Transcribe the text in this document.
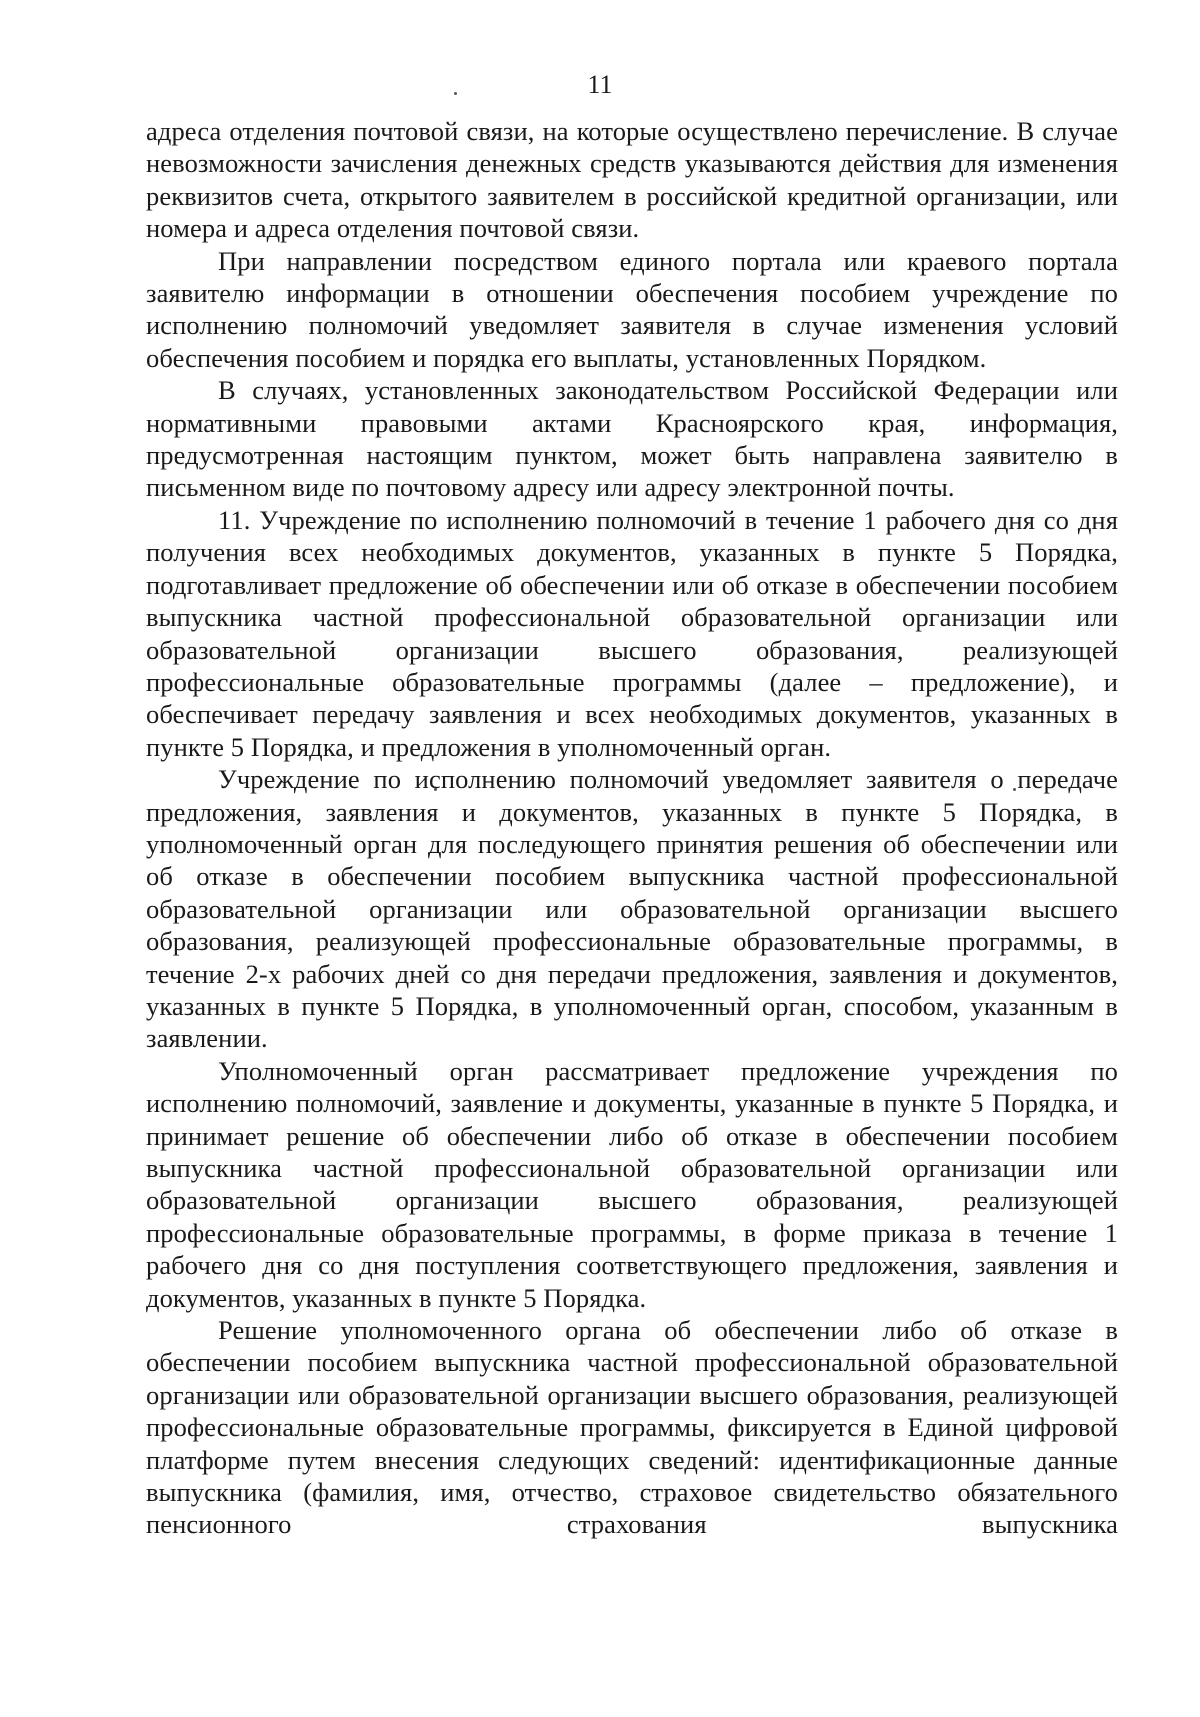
11

адреса отделения почтовой связи, на которые осуществлено перечисление. В случае невозможности зачисления денежных средств указываются действия для изменения реквизитов счета, открытого заявителем в российской кредитной организации, или номера и адреса отделения почтовой связи.

При направлении посредством единого портала или краевого портала заявителю информации в отношении обеспечения пособием учреждение по исполнению полномочий уведомляет заявителя в случае изменения условий обеспечения пособием и порядка его выплаты, установленных Порядком.

В случаях, установленных законодательством Российской Федерации или нормативными правовыми актами Красноярского края, информация, предусмотренная настоящим пунктом, может быть направлена заявителю в письменном виде по почтовому адресу или адресу электронной почты.

11. Учреждение по исполнению полномочий в течение 1 рабочего дня со дня получения всех необходимых документов, указанных в пункте 5 Порядка, подготавливает предложение об обеспечении или об отказе в обеспечении пособием выпускника частной профессиональной образовательной организации или образовательной организации высшего образования, реализующей профессиональные образовательные программы (далее – предложение), и обеспечивает передачу заявления и всех необходимых документов, указанных в пункте 5 Порядка, и предложения в уполномоченный орган.

Учреждение по исполнению полномочий уведомляет заявителя о передаче предложения, заявления и документов, указанных в пункте 5 Порядка, в уполномоченный орган для последующего принятия решения об обеспечении или об отказе в обеспечении пособием выпускника частной профессиональной образовательной организации или образовательной организации высшего образования, реализующей профессиональные образовательные программы, в течение 2-х рабочих дней со дня передачи предложения, заявления и документов, указанных в пункте 5 Порядка, в уполномоченный орган, способом, указанным в заявлении.

Уполномоченный орган рассматривает предложение учреждения по исполнению полномочий, заявление и документы, указанные в пункте 5 Порядка, и принимает решение об обеспечении либо об отказе в обеспечении пособием выпускника частной профессиональной образовательной организации или образовательной организации высшего образования, реализующей профессиональные образовательные программы, в форме приказа в течение 1 рабочего дня со дня поступления соответствующего предложения, заявления и документов, указанных в пункте 5 Порядка.

Решение уполномоченного органа об обеспечении либо об отказе в обеспечении пособием выпускника частной профессиональной образовательной организации или образовательной организации высшего образования, реализующей профессиональные образовательные программы, фиксируется в Единой цифровой платформе путем внесения следующих сведений: идентификационные данные выпускника (фамилия, имя, отчество, страховое свидетельство обязательного пенсионного страхования выпускника
